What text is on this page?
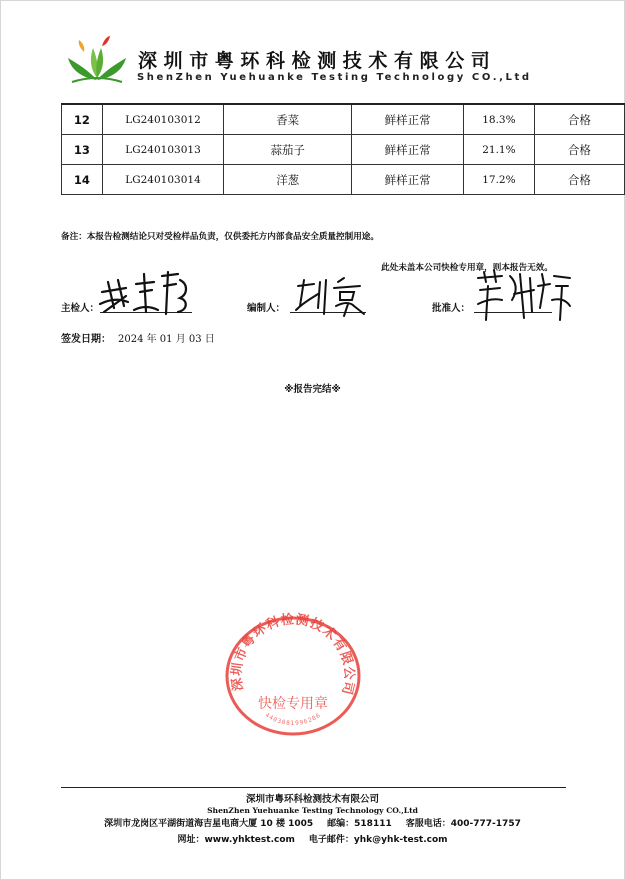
深圳市粤环科检测技术有限公司
ShenZhen Yuehuanke Testing Technology CO.,Ltd
12	LG240103012	香菜	鲜样正常	18.3%	合格
13	LG240103013	蒜茄子	鲜样正常	21.1%	合格
14	LG240103014	洋葱	鲜样正常	17.2%	合格
备注：本报告检测结论只对受检样品负责，仅供委托方内部食品安全质量控制用途。
此处未盖本公司快检专用章，则本报告无效。
主检人：	编制人：	批准人：
签发日期： 2024 年 01 月 03 日
※报告完结※
深圳市粤环科检测技术有限公司
快检专用章
4403081996206
深圳市粤环科检测技术有限公司
ShenZhen Yuehuanke Testing Technology CO.,Ltd
深圳市龙岗区平湖街道海吉星电商大厦 10 楼 1005 邮编：518111 客服电话：400-777-1757
网址：www.yhktest.com 电子邮件：yhk@yhk-test.com
